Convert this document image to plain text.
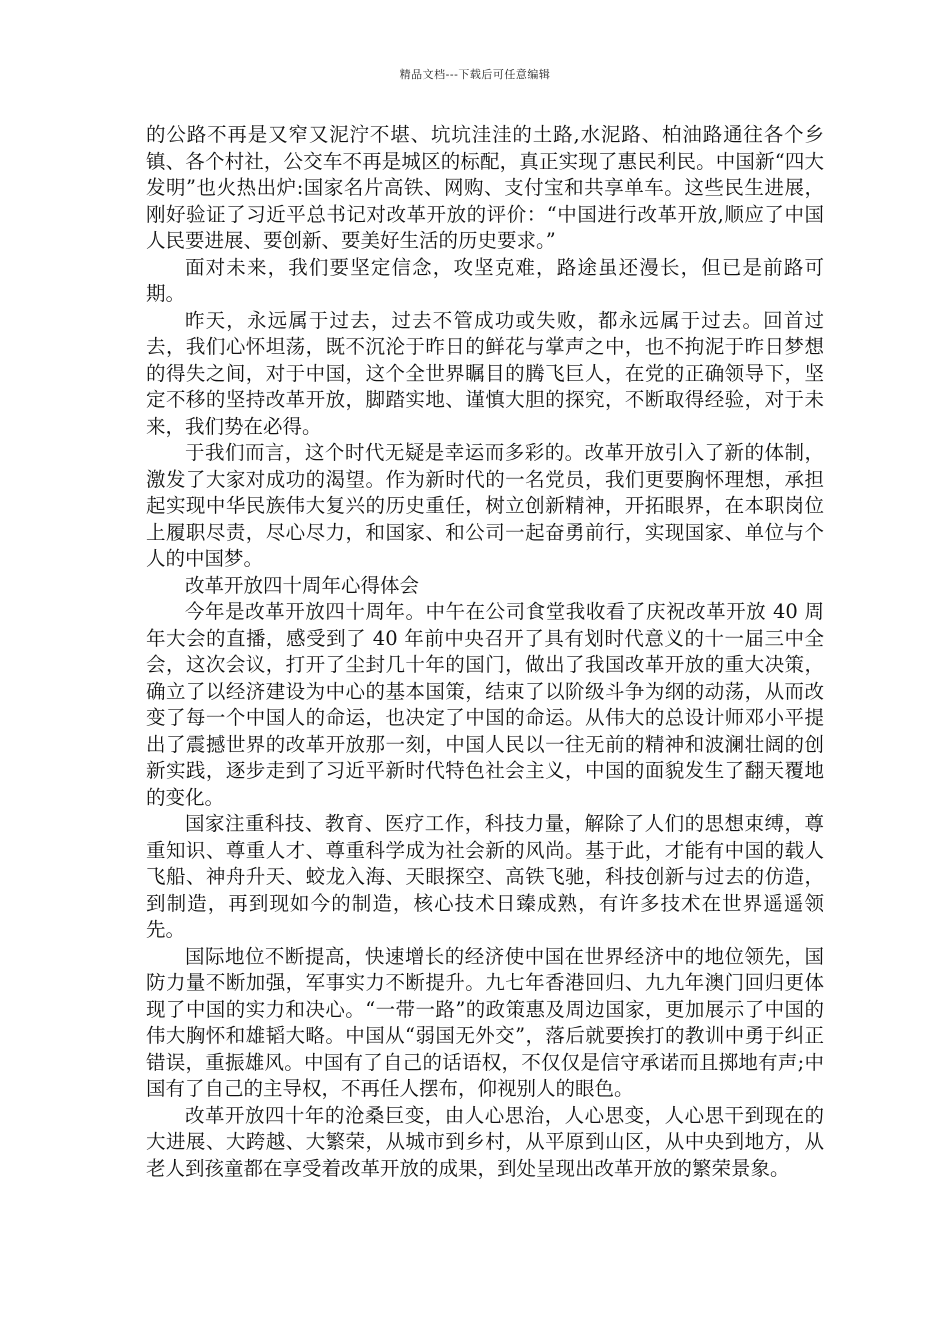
精品文档---下载后可任意编辑

的公路不再是又窄又泥泞不堪、坑坑洼洼的土路,水泥路、柏油路通往各个乡镇、各个村社，公交车不再是城区的标配，真正实现了惠民利民。中国新“四大发明”也火热出炉:国家名片高铁、网购、支付宝和共享单车。这些民生进展，刚好验证了习近平总书记对改革开放的评价：“中国进行改革开放,顺应了中国人民要进展、要创新、要美好生活的历史要求。”

面对未来，我们要坚定信念，攻坚克难，路途虽还漫长，但已是前路可期。

昨天，永远属于过去，过去不管成功或失败，都永远属于过去。回首过去，我们心怀坦荡，既不沉沦于昨日的鲜花与掌声之中，也不拘泥于昨日梦想的得失之间，对于中国，这个全世界瞩目的腾飞巨人，在党的正确领导下，坚定不移的坚持改革开放，脚踏实地、谨慎大胆的探究，不断取得经验，对于未来，我们势在必得。

于我们而言，这个时代无疑是幸运而多彩的。改革开放引入了新的体制，激发了大家对成功的渴望。作为新时代的一名党员，我们更要胸怀理想，承担起实现中华民族伟大复兴的历史重任，树立创新精神，开拓眼界，在本职岗位上履职尽责，尽心尽力，和国家、和公司一起奋勇前行，实现国家、单位与个人的中国梦。

改革开放四十周年心得体会

今年是改革开放四十周年。中午在公司食堂我收看了庆祝改革开放 40 周年大会的直播，感受到了 40 年前中央召开了具有划时代意义的十一届三中全会，这次会议，打开了尘封几十年的国门，做出了我国改革开放的重大决策，确立了以经济建设为中心的基本国策，结束了以阶级斗争为纲的动荡，从而改变了每一个中国人的命运，也决定了中国的命运。从伟大的总设计师邓小平提出了震撼世界的改革开放那一刻，中国人民以一往无前的精神和波澜壮阔的创新实践，逐步走到了习近平新时代特色社会主义，中国的面貌发生了翻天覆地的变化。

国家注重科技、教育、医疗工作，科技力量，解除了人们的思想束缚，尊重知识、尊重人才、尊重科学成为社会新的风尚。基于此，才能有中国的载人飞船、神舟升天、蛟龙入海、天眼探空、高铁飞驰，科技创新与过去的仿造，到制造，再到现如今的制造，核心技术日臻成熟，有许多技术在世界遥遥领先。

国际地位不断提高，快速增长的经济使中国在世界经济中的地位领先，国防力量不断加强，军事实力不断提升。九七年香港回归、九九年澳门回归更体现了中国的实力和决心。“一带一路”的政策惠及周边国家，更加展示了中国的伟大胸怀和雄韬大略。中国从“弱国无外交”，落后就要挨打的教训中勇于纠正错误，重振雄风。中国有了自己的话语权，不仅仅是信守承诺而且掷地有声;中国有了自己的主导权，不再任人摆布，仰视别人的眼色。

改革开放四十年的沧桑巨变，由人心思治，人心思变，人心思干到现在的大进展、大跨越、大繁荣，从城市到乡村，从平原到山区，从中央到地方，从老人到孩童都在享受着改革开放的成果，到处呈现出改革开放的繁荣景象。
